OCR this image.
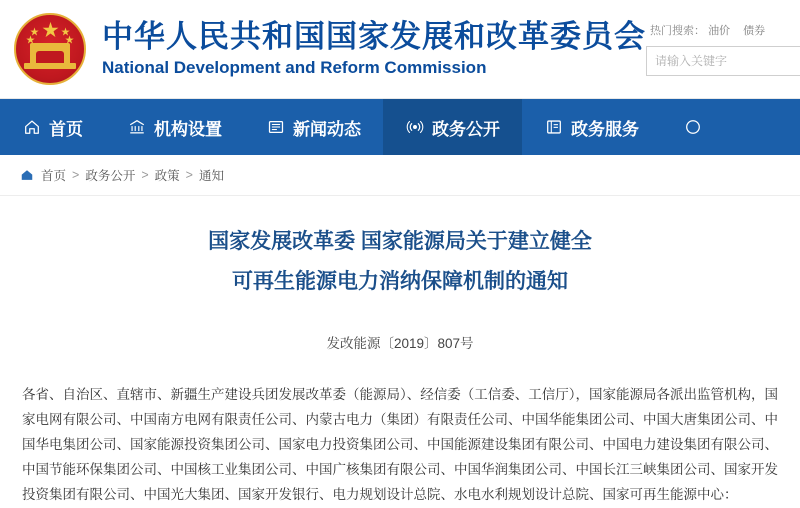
★
★
★
★
★ 中华人民共和国国家发展和改革委员会
National Development and Reform Commission
热门搜索： 油价 债券
请输入关键字
首页	机构设置	新闻动态	政务公开	政务服务
首页 > 政务公开 > 政策 > 通知
国家发展改革委 国家能源局关于建立健全
可再生能源电力消纳保障机制的通知
发改能源〔2019〕807号
各省、自治区、直辖市、新疆生产建设兵团发展改革委（能源局）、经信委（工信委、工信厅），国家能源局各派出监管机构，国家电网有限公司、中国南方电网有限责任公司、内蒙古电力（集团）有限责任公司、中国华能集团公司、中国大唐集团公司、中国华电集团公司、国家能源投资集团公司、国家电力投资集团公司、中国能源建设集团有限公司、中国电力建设集团有限公司、中国节能环保集团公司、中国核工业集团公司、中国广核集团有限公司、中国华润集团公司、中国长江三峡集团公司、国家开发投资集团有限公司、中国光大集团、国家开发银行、电力规划设计总院、水电水利规划设计总院、国家可再生能源中心：
